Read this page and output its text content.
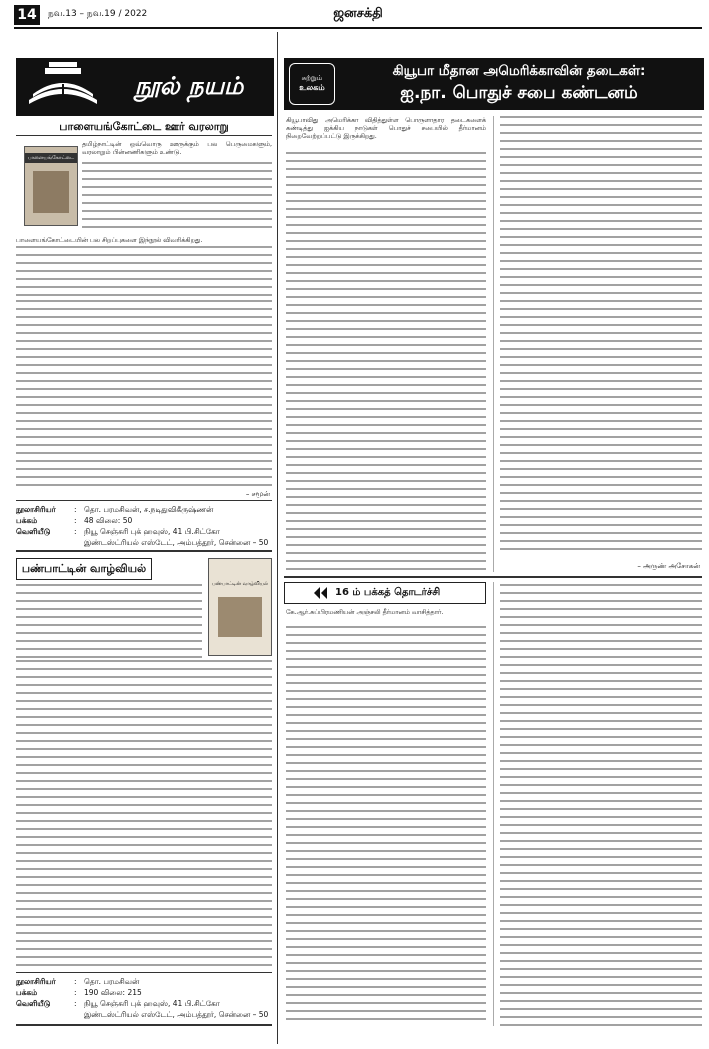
14	நவ.13 – நவ.19 / 2022	ஜனசக்தி
நூல் நயம்
பாளையங்கோட்டை ஊர் வரலாறு
பாளையங்கோட்டை
தமிழ்நாட்டின் ஒவ்வொரு ஊருக்கும் பல பெருமைகளும், வரலாறும் பின்னணிகளும் உண்டு.
பாளையங்கோட்டையின் பல சிறப்புகளை இந்நூல் விவரிக்கிறது.
– சமூன்
நூலாசிரியர்	: தொ. பரமசிவன், ச.நடிதுவிகீருஷ்ணன்
பக்கம்	: 48 விலை: 50
வெளியீடு	: நியூ செஞ்சுரி புக் ஹவுஸ், 41 பி.சிட்கோ
இண்டஸ்ட்ரியல் எஸ்டேட், அம்பத்தூர், சென்னை – 50
பண்பாட்டின் வாழ்வியல்
பண்பாட்டின் வாழ்வியல்
நூலாசிரியர்	: தொ. பரமசிவன்
பக்கம்	: 190 விலை: 215
வெளியீடு	: நியூ செஞ்சுரி புக் ஹவுஸ், 41 பி.சிட்கோ
இண்டஸ்ட்ரியல் எஸ்டேட், அம்பத்தூர், சென்னை – 50
சுற்றும்
உலகம்
கியூபா மீதான அமெரிக்காவின் தடைகள்:
ஐ.நா. பொதுச் சபை கண்டனம்
கியூபாவிது அமெரிக்கா விதித்துள்ள பொருளாதார தடைகளைக் கண்டித்து ஐக்கிய நாடுகள் பொதுச் சபையில் தீர்மானம் நிறைவேற்றப்பட்டு இருக்கிறது.
– அருண் அசோகன்
16 ம் பக்கத் தொடர்ச்சி
கே.ஆர்.சுப்பிரமணியன் அஞ்சலி தீர்மானம் வாசித்தார்.
